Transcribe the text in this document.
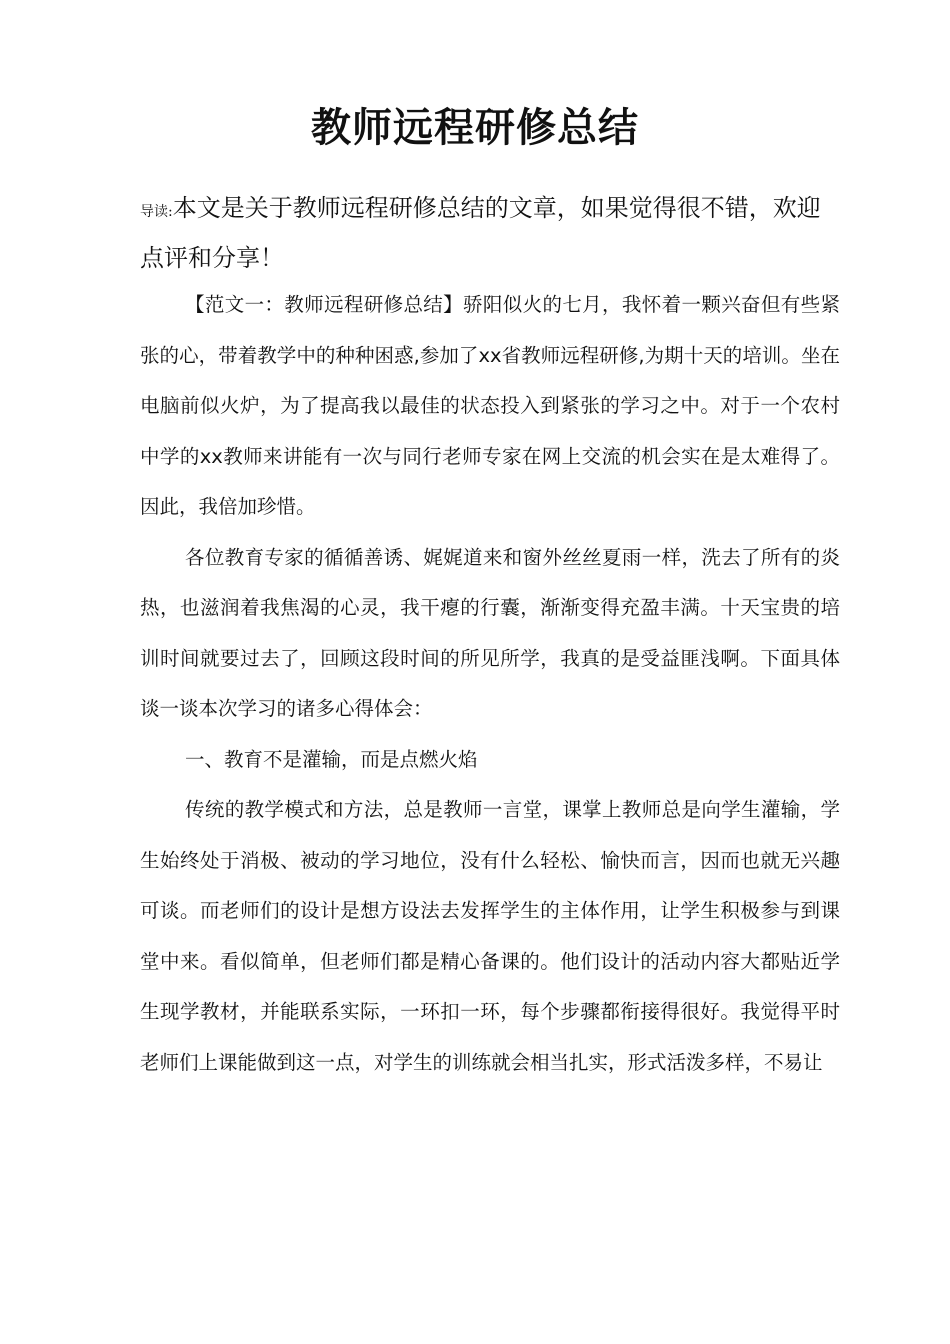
教师远程研修总结
导读:本文是关于教师远程研修总结的文章，如果觉得很不错，欢迎点评和分享！

【范文一：教师远程研修总结】骄阳似火的七月，我怀着一颗兴奋但有些紧张的心，带着教学中的种种困惑,参加了xx省教师远程研修,为期十天的培训。坐在电脑前似火炉，为了提高我以最佳的状态投入到紧张的学习之中。对于一个农村中学的xx教师来讲能有一次与同行老师专家在网上交流的机会实在是太难得了。因此，我倍加珍惜。

各位教育专家的循循善诱、娓娓道来和窗外丝丝夏雨一样，洗去了所有的炎热，也滋润着我焦渴的心灵，我干瘪的行囊，渐渐变得充盈丰满。十天宝贵的培训时间就要过去了，回顾这段时间的所见所学，我真的是受益匪浅啊。下面具体谈一谈本次学习的诸多心得体会：

一、教育不是灌输，而是点燃火焰

传统的教学模式和方法，总是教师一言堂，课掌上教师总是向学生灌输，学生始终处于消极、被动的学习地位，没有什么轻松、愉快而言，因而也就无兴趣可谈。而老师们的设计是想方设法去发挥学生的主体作用，让学生积极参与到课堂中来。看似简单，但老师们都是精心备课的。他们设计的活动内容大都贴近学生现学教材，并能联系实际，一环扣一环，每个步骤都衔接得很好。我觉得平时老师们上课能做到这一点，对学生的训练就会相当扎实，形式活泼多样，不易让
